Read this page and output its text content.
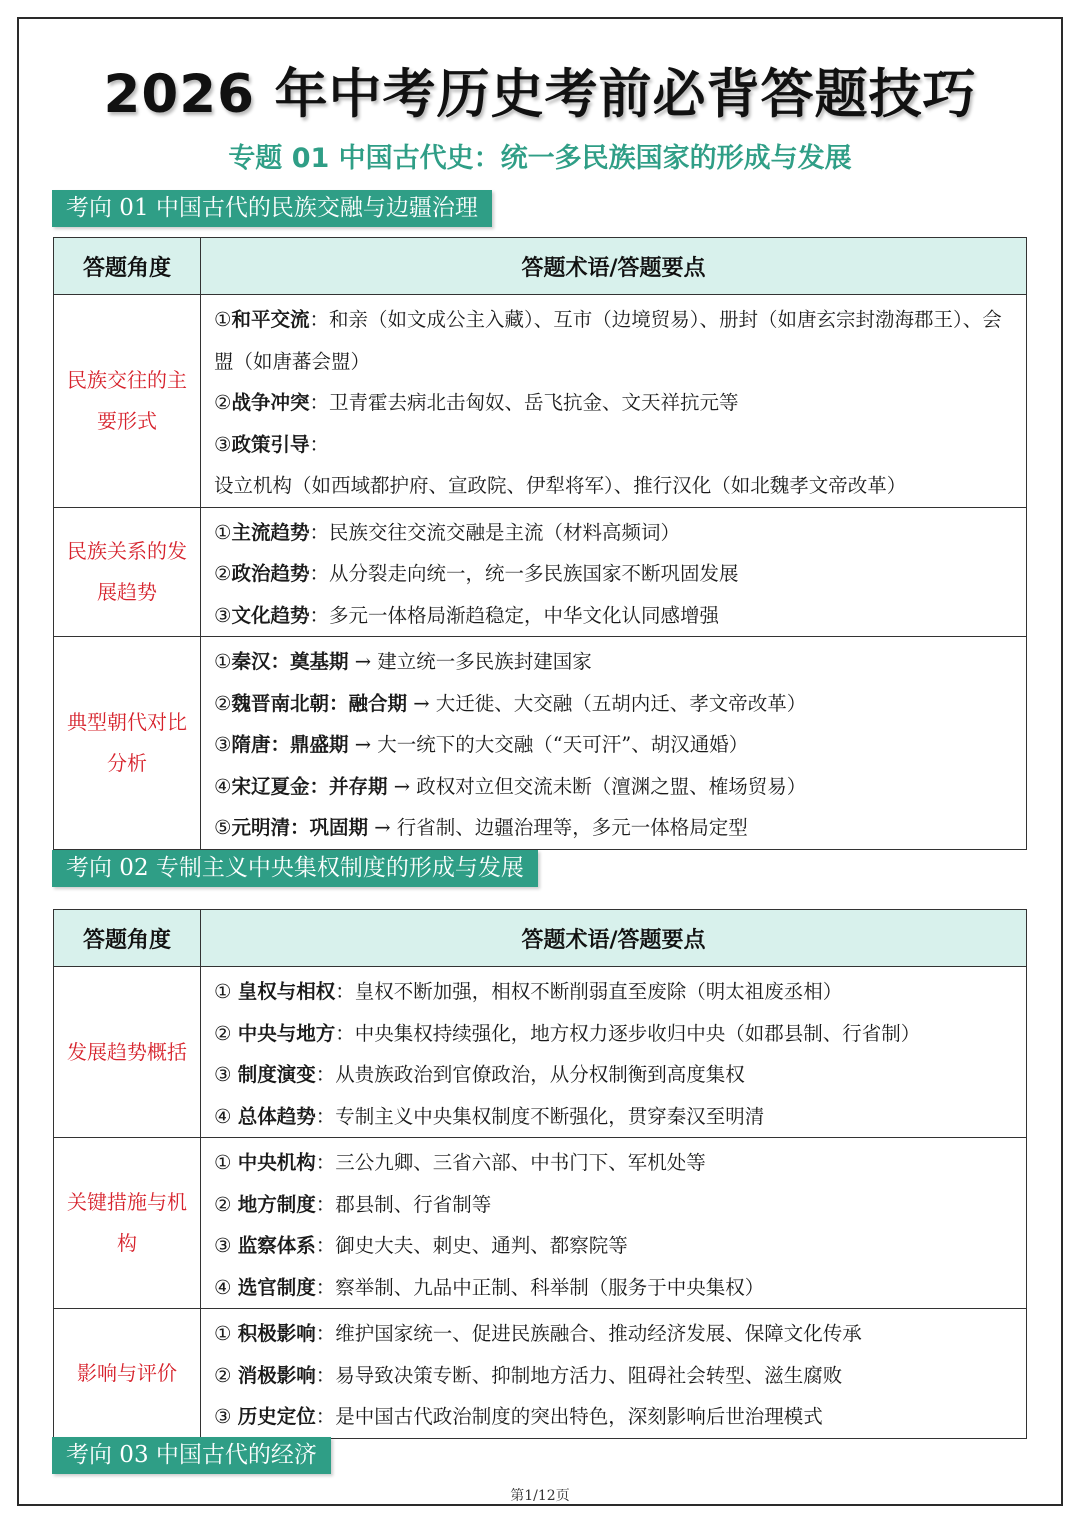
2026 年中考历史考前必背答题技巧
专题 01 中国古代史：统一多民族国家的形成与发展
考向 01 中国古代的民族交融与边疆治理
答题角度	答题术语/答题要点
民族交往的主要形式	①和平交流：和亲（如文成公主入藏）、互市（边境贸易）、册封（如唐玄宗封渤海郡王）、会盟（如唐蕃会盟）
②战争冲突：卫青霍去病北击匈奴、岳飞抗金、文天祥抗元等
③政策引导：设立机构（如西域都护府、宣政院、伊犁将军）、推行汉化（如北魏孝文帝改革）

民族关系的发展趋势	①主流趋势：民族交往交流交融是主流（材料高频词）
②政治趋势：从分裂走向统一，统一多民族国家不断巩固发展
③文化趋势：多元一体格局渐趋稳定，中华文化认同感增强

典型朝代对比分析	①秦汉：奠基期 → 建立统一多民族封建国家
②魏晋南北朝：融合期 → 大迁徙、大交融（五胡内迁、孝文帝改革）
③隋唐：鼎盛期 → 大一统下的大交融（“天可汗”、胡汉通婚）
④宋辽夏金：并存期 → 政权对立但交流未断（澶渊之盟、榷场贸易）
⑤元明清：巩固期 → 行省制、边疆治理等，多元一体格局定型
考向 02 专制主义中央集权制度的形成与发展
答题角度	答题术语/答题要点
发展趋势概括	① 皇权与相权：皇权不断加强，相权不断削弱直至废除（明太祖废丞相）
② 中央与地方：中央集权持续强化，地方权力逐步收归中央（如郡县制、行省制）
③ 制度演变：从贵族政治到官僚政治，从分权制衡到高度集权
④ 总体趋势：专制主义中央集权制度不断强化，贯穿秦汉至明清

关键措施与机构	① 中央机构：三公九卿、三省六部、中书门下、军机处等
② 地方制度：郡县制、行省制等
③ 监察体系：御史大夫、刺史、通判、都察院等
④ 选官制度：察举制、九品中正制、科举制（服务于中央集权）

影响与评价	① 积极影响：维护国家统一、促进民族融合、推动经济发展、保障文化传承
② 消极影响：易导致决策专断、抑制地方活力、阻碍社会转型、滋生腐败
③ 历史定位：是中国古代政治制度的突出特色，深刻影响后世治理模式
考向 03 中国古代的经济
第1/12页
